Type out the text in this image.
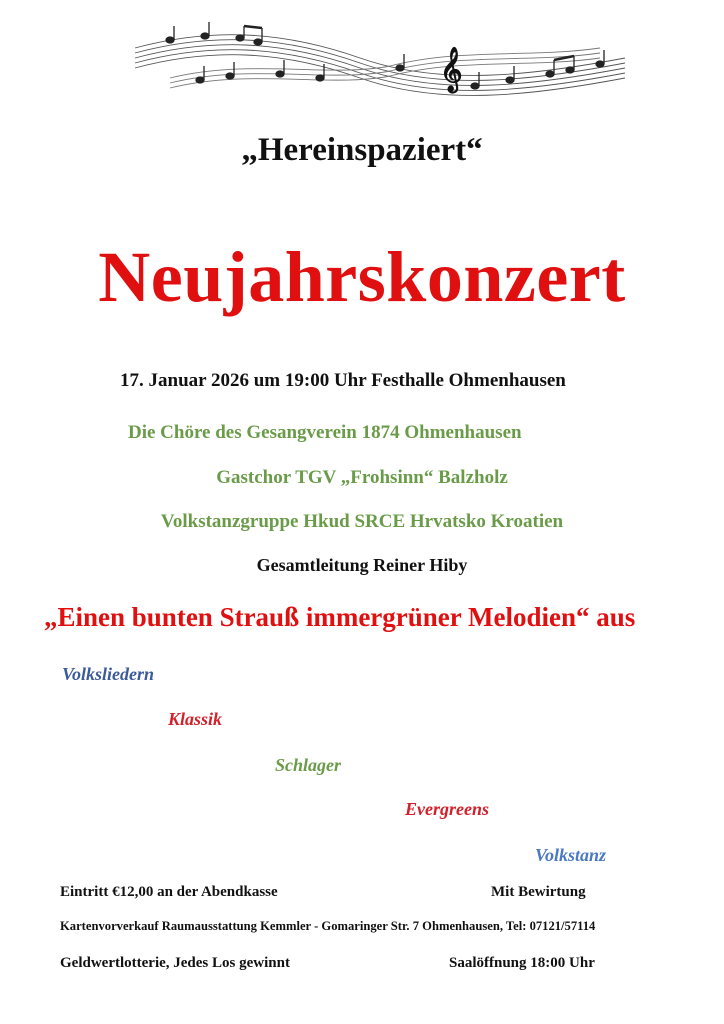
𝄞
„Hereinspaziert“
Neujahrskonzert
17. Januar 2026 um 19:00 Uhr Festhalle Ohmenhausen
Die Chöre des Gesangverein 1874 Ohmenhausen
Gastchor TGV „Frohsinn“ Balzholz
Volkstanzgruppe Hkud SRCE Hrvatsko Kroatien
Gesamtleitung Reiner Hiby
„Einen bunten Strauß immergrüner Melodien“ aus
Volksliedern
Klassik
Schlager
Evergreens
Volkstanz
Eintritt €12,00 an der Abendkasse	Mit Bewirtung
Kartenvorverkauf Raumausstattung Kemmler - Gomaringer Str. 7 Ohmenhausen, Tel: 07121/57114
Geldwertlotterie, Jedes Los gewinnt	Saalöffnung 18:00 Uhr
